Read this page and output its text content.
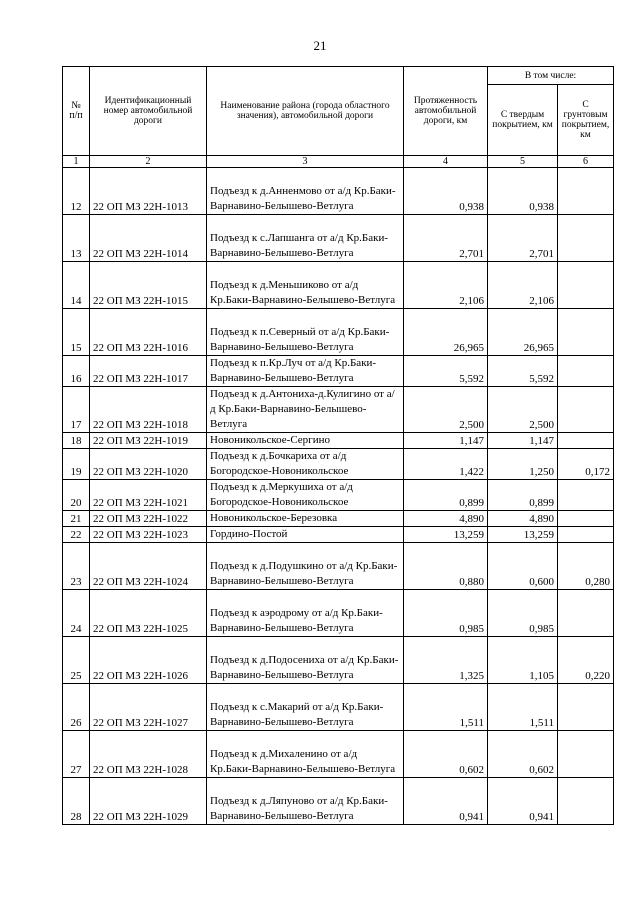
21
№ п/п	Идентификационный номер автомобильной дороги	Наименование района (города областного значения), автомобильной дороги	Протяженность автомобильной дороги, км	В том числе:	
				С твердым покрытием, км	С грунтовым покрытием, км
1	2	3	4	5	6
12	22 ОП МЗ 22Н-1013	Подъезд к д.Анненмово от а/д Кр.Баки-Варнавино-Белышево-Ветлуга	0,938	0,938	
13	22 ОП МЗ 22Н-1014	Подъезд к с.Лапшанга от а/д Кр.Баки-Варнавино-Белышево-Ветлуга	2,701	2,701	
14	22 ОП МЗ 22Н-1015	Подъезд к д.Меньшиково от а/д Кр.Баки-Варнавино-Белышево-Ветлуга	2,106	2,106	
15	22 ОП МЗ 22Н-1016	Подъезд к п.Северный от а/д Кр.Баки-Варнавино-Белышево-Ветлуга	26,965	26,965	
16	22 ОП МЗ 22Н-1017	Подъезд к п.Кр.Луч от а/д Кр.Баки-Варнавино-Белышево-Ветлуга	5,592	5,592	
17	22 ОП МЗ 22Н-1018	Подъезд к д.Антониха-д.Кулигино от а/д Кр.Баки-Варнавино-Белышево-Ветлуга	2,500	2,500	
18	22 ОП МЗ 22Н-1019	Новоникольское-Сергино	1,147	1,147	
19	22 ОП МЗ 22Н-1020	Подъезд к д.Бочкариха от а/д Богородское-Новоникольское	1,422	1,250	0,172
20	22 ОП МЗ 22Н-1021	Подъезд к д.Меркушиха от а/д Богородское-Новоникольское	0,899	0,899	
21	22 ОП МЗ 22Н-1022	Новоникольское-Березовка	4,890	4,890	
22	22 ОП МЗ 22Н-1023	Гордино-Постой	13,259	13,259	
23	22 ОП МЗ 22Н-1024	Подъезд к д.Подушкино от а/д Кр.Баки-Варнавино-Белышево-Ветлуга	0,880	0,600	0,280
24	22 ОП МЗ 22Н-1025	Подъезд к аэродрому от а/д Кр.Баки-Варнавино-Белышево-Ветлуга	0,985	0,985	
25	22 ОП МЗ 22Н-1026	Подъезд к д.Подосениха от а/д Кр.Баки-Варнавино-Белышево-Ветлуга	1,325	1,105	0,220
26	22 ОП МЗ 22Н-1027	Подъезд к с.Макарий от а/д Кр.Баки-Варнавино-Белышево-Ветлуга	1,511	1,511	
27	22 ОП МЗ 22Н-1028	Подъезд к д.Михаленино от а/д Кр.Баки-Варнавино-Белышево-Ветлуга	0,602	0,602	
28	22 ОП МЗ 22Н-1029	Подъезд к д.Ляпуново от а/д Кр.Баки-Варнавино-Белышево-Ветлуга	0,941	0,941	
